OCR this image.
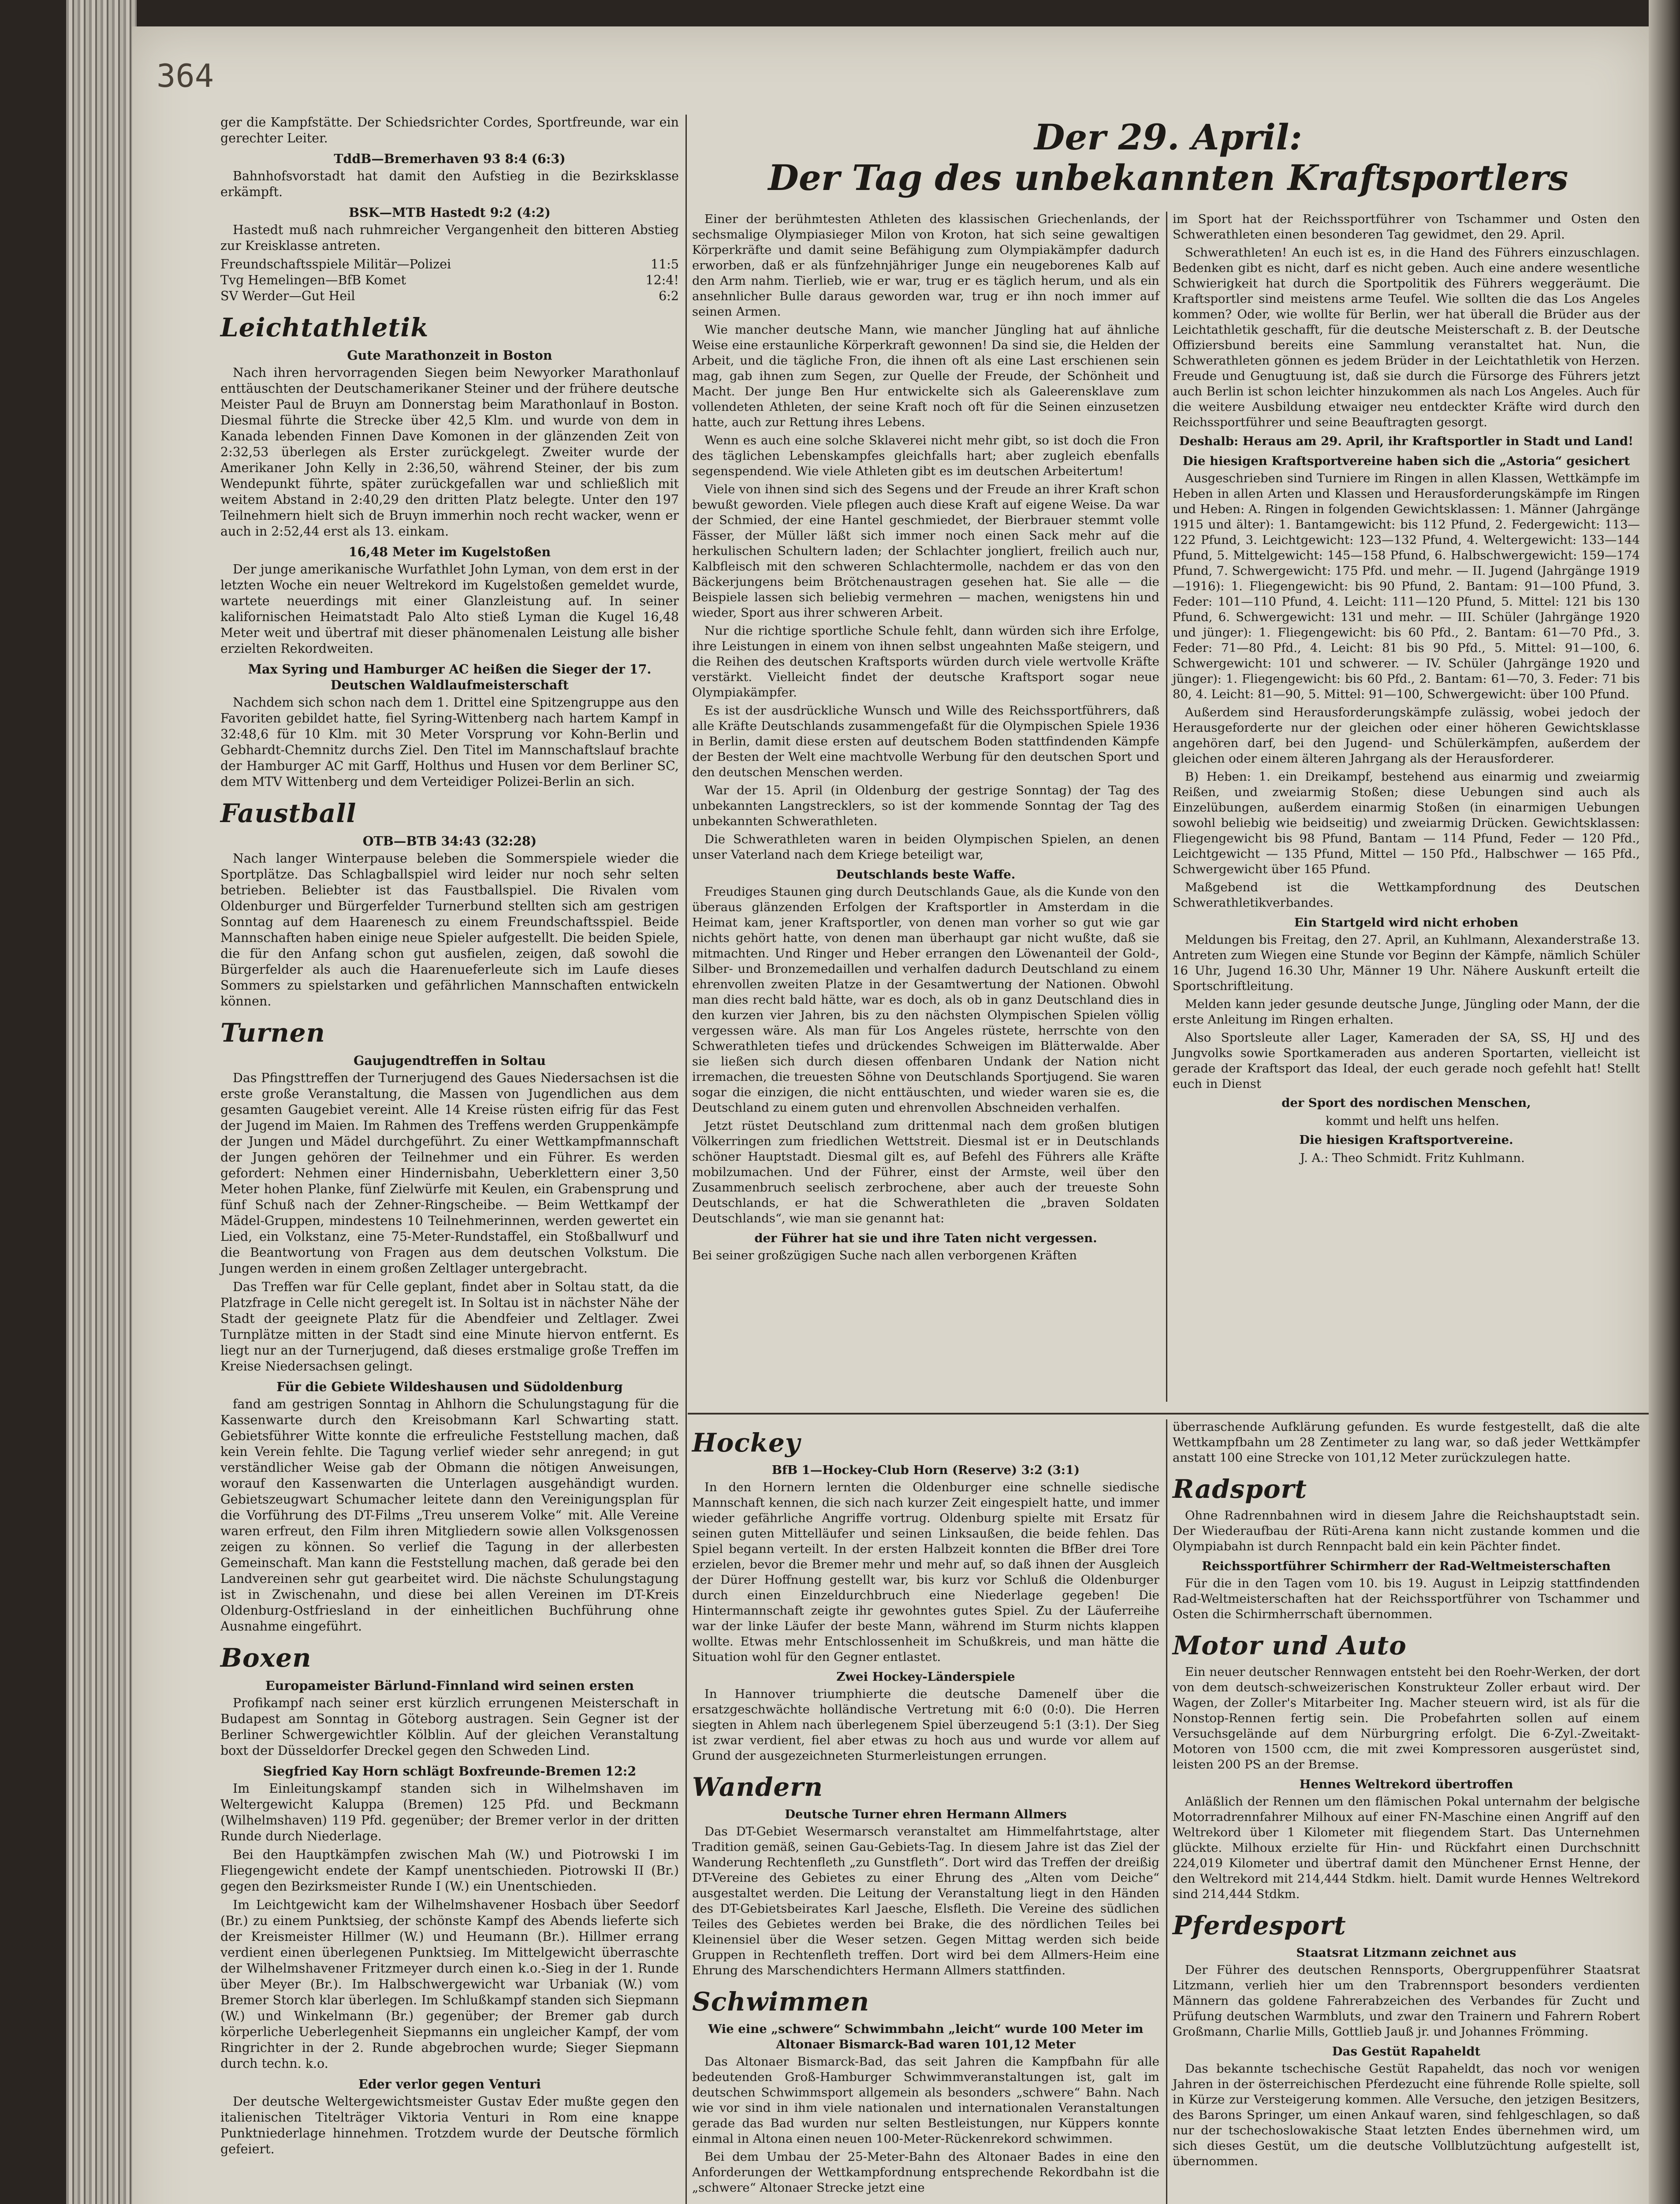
364

ger die Kampfstätte. Der Schiedsrichter Cordes, Sportfreunde, war ein gerechter Leiter.

TddB—Bremerhaven 93 8:4 (6:3)

Bahnhofsvorstadt hat damit den Aufstieg in die Bezirksklasse erkämpft.

BSK—MTB Hastedt 9:2 (4:2)

Hastedt muß nach ruhmreicher Vergangenheit den bitteren Abstieg zur Kreisklasse antreten.

Freundschaftsspiele Militär—Polizei	11:5
Tvg Hemelingen—BfB Komet	12:4!
SV Werder—Gut Heil	6:2
Leichtathletik

Gute Marathonzeit in Boston

Nach ihren hervorragenden Siegen beim Newyorker Marathonlauf enttäuschten der Deutschamerikaner Steiner und der frühere deutsche Meister Paul de Bruyn am Donnerstag beim Marathonlauf in Boston. Diesmal führte die Strecke über 42,5 Klm. und wurde von dem in Kanada lebenden Finnen Dave Komonen in der glänzenden Zeit von 2:32,53 überlegen als Erster zurückgelegt. Zweiter wurde der Amerikaner John Kelly in 2:36,50, während Steiner, der bis zum Wendepunkt führte, später zurückgefallen war und schließlich mit weitem Abstand in 2:40,29 den dritten Platz belegte. Unter den 197 Teilnehmern hielt sich de Bruyn immerhin noch recht wacker, wenn er auch in 2:52,44 erst als 13. einkam.

16,48 Meter im Kugelstoßen

Der junge amerikanische Wurfathlet John Lyman, von dem erst in der letzten Woche ein neuer Weltrekord im Kugelstoßen gemeldet wurde, wartete neuerdings mit einer Glanzleistung auf. In seiner kalifornischen Heimatstadt Palo Alto stieß Lyman die Kugel 16,48 Meter weit und übertraf mit dieser phänomenalen Leistung alle bisher erzielten Rekordweiten.

Max Syring und Hamburger AC heißen die Sieger der 17. Deutschen Waldlaufmeisterschaft

Nachdem sich schon nach dem 1. Drittel eine Spitzengruppe aus den Favoriten gebildet hatte, fiel Syring-Wittenberg nach hartem Kampf in 32:48,6 für 10 Klm. mit 30 Meter Vorsprung vor Kohn-Berlin und Gebhardt-Chemnitz durchs Ziel. Den Titel im Mannschaftslauf brachte der Hamburger AC mit Garff, Holthus und Husen vor dem Berliner SC, dem MTV Wittenberg und dem Verteidiger Polizei-Berlin an sich.

Faustball

OTB—BTB 34:43 (32:28)

Nach langer Winterpause beleben die Sommerspiele wieder die Sportplätze. Das Schlagballspiel wird leider nur noch sehr selten betrieben. Beliebter ist das Faustballspiel. Die Rivalen vom Oldenburger und Bürgerfelder Turnerbund stellten sich am gestrigen Sonntag auf dem Haarenesch zu einem Freundschaftsspiel. Beide Mannschaften haben einige neue Spieler aufgestellt. Die beiden Spiele, die für den Anfang schon gut ausfielen, zeigen, daß sowohl die Bürgerfelder als auch die Haarenueferleute sich im Laufe dieses Sommers zu spielstarken und gefährlichen Mannschaften entwickeln können.

Turnen

Gaujugendtreffen in Soltau

Das Pfingsttreffen der Turnerjugend des Gaues Niedersachsen ist die erste große Veranstaltung, die Massen von Jugendlichen aus dem gesamten Gaugebiet vereint. Alle 14 Kreise rüsten eifrig für das Fest der Jugend im Maien. Im Rahmen des Treffens werden Gruppenkämpfe der Jungen und Mädel durchgeführt. Zu einer Wettkampfmannschaft der Jungen gehören der Teilnehmer und ein Führer. Es werden gefordert: Nehmen einer Hindernisbahn, Ueberklettern einer 3,50 Meter hohen Planke, fünf Zielwürfe mit Keulen, ein Grabensprung und fünf Schuß nach der Zehner-Ringscheibe. — Beim Wettkampf der Mädel-Gruppen, mindestens 10 Teilnehmerinnen, werden gewertet ein Lied, ein Volkstanz, eine 75-Meter-Rundstaffel, ein Stoßballwurf und die Beantwortung von Fragen aus dem deutschen Volkstum. Die Jungen werden in einem großen Zeltlager untergebracht.

Das Treffen war für Celle geplant, findet aber in Soltau statt, da die Platzfrage in Celle nicht geregelt ist. In Soltau ist in nächster Nähe der Stadt der geeignete Platz für die Abendfeier und Zeltlager. Zwei Turnplätze mitten in der Stadt sind eine Minute hiervon entfernt. Es liegt nur an der Turnerjugend, daß dieses erstmalige große Treffen im Kreise Niedersachsen gelingt.

Für die Gebiete Wildeshausen und Südoldenburg

fand am gestrigen Sonntag in Ahlhorn die Schulungstagung für die Kassenwarte durch den Kreisobmann Karl Schwarting statt. Gebietsführer Witte konnte die erfreuliche Feststellung machen, daß kein Verein fehlte. Die Tagung verlief wieder sehr anregend; in gut verständlicher Weise gab der Obmann die nötigen Anweisungen, worauf den Kassenwarten die Unterlagen ausgehändigt wurden. Gebietszeugwart Schumacher leitete dann den Vereinigungsplan für die Vorführung des DT-Films „Treu unserem Volke“ mit. Alle Vereine waren erfreut, den Film ihren Mitgliedern sowie allen Volksgenossen zeigen zu können. So verlief die Tagung in der allerbesten Gemeinschaft. Man kann die Feststellung machen, daß gerade bei den Landvereinen sehr gut gearbeitet wird. Die nächste Schulungstagung ist in Zwischenahn, und diese bei allen Vereinen im DT-Kreis Oldenburg-Ostfriesland in der einheitlichen Buchführung ohne Ausnahme eingeführt.

Boxen

Europameister Bärlund-Finnland wird seinen ersten

Profikampf nach seiner erst kürzlich errungenen Meisterschaft in Budapest am Sonntag in Göteborg austragen. Sein Gegner ist der Berliner Schwergewichtler Kölblin. Auf der gleichen Veranstaltung boxt der Düsseldorfer Dreckel gegen den Schweden Lind.

Siegfried Kay Horn schlägt Boxfreunde-Bremen 12:2

Im Einleitungskampf standen sich in Wilhelmshaven im Weltergewicht Kaluppa (Bremen) 125 Pfd. und Beckmann (Wilhelmshaven) 119 Pfd. gegenüber; der Bremer verlor in der dritten Runde durch Niederlage.

Bei den Hauptkämpfen zwischen Mah (W.) und Piotrowski I im Fliegengewicht endete der Kampf unentschieden. Piotrowski II (Br.) gegen den Bezirksmeister Runde I (W.) ein Unentschieden.

Im Leichtgewicht kam der Wilhelmshavener Hosbach über Seedorf (Br.) zu einem Punktsieg, der schönste Kampf des Abends lieferte sich der Kreismeister Hillmer (W.) und Heumann (Br.). Hillmer errang verdient einen überlegenen Punktsieg. Im Mittelgewicht überraschte der Wilhelmshavener Fritzmeyer durch einen k.o.-Sieg in der 1. Runde über Meyer (Br.). Im Halbschwergewicht war Urbaniak (W.) vom Bremer Storch klar überlegen. Im Schlußkampf standen sich Siepmann (W.) und Winkelmann (Br.) gegenüber; der Bremer gab durch körperliche Ueberlegenheit Siepmanns ein ungleicher Kampf, der vom Ringrichter in der 2. Runde abgebrochen wurde; Sieger Siepmann durch techn. k.o.

Eder verlor gegen Venturi

Der deutsche Weltergewichtsmeister Gustav Eder mußte gegen den italienischen Titelträger Viktoria Venturi in Rom eine knappe Punktniederlage hinnehmen. Trotzdem wurde der Deutsche förmlich gefeiert.

Der 29. April:
Der Tag des unbekannten Kraftsportlers

Einer der berühmtesten Athleten des klassischen Griechenlands, der sechsmalige Olympiasieger Milon von Kroton, hat sich seine gewaltigen Körperkräfte und damit seine Befähigung zum Olympiakämpfer dadurch erworben, daß er als fünfzehnjähriger Junge ein neugeborenes Kalb auf den Arm nahm. Tierlieb, wie er war, trug er es täglich herum, und als ein ansehnlicher Bulle daraus geworden war, trug er ihn noch immer auf seinen Armen.

Wie mancher deutsche Mann, wie mancher Jüngling hat auf ähnliche Weise eine erstaunliche Körperkraft gewonnen! Da sind sie, die Helden der Arbeit, und die tägliche Fron, die ihnen oft als eine Last erschienen sein mag, gab ihnen zum Segen, zur Quelle der Freude, der Schönheit und Macht. Der junge Ben Hur entwickelte sich als Galeerensklave zum vollendeten Athleten, der seine Kraft noch oft für die Seinen einzusetzen hatte, auch zur Rettung ihres Lebens.

Wenn es auch eine solche Sklaverei nicht mehr gibt, so ist doch die Fron des täglichen Lebenskampfes gleichfalls hart; aber zugleich ebenfalls segenspendend. Wie viele Athleten gibt es im deutschen Arbeitertum!

Viele von ihnen sind sich des Segens und der Freude an ihrer Kraft schon bewußt geworden. Viele pflegen auch diese Kraft auf eigene Weise. Da war der Schmied, der eine Hantel geschmiedet, der Bierbrauer stemmt volle Fässer, der Müller läßt sich immer noch einen Sack mehr auf die herkulischen Schultern laden; der Schlachter jongliert, freilich auch nur, Kalbfleisch mit den schweren Schlachtermolle, nachdem er das von den Bäckerjungens beim Brötchenaustragen gesehen hat. Sie alle — die Beispiele lassen sich beliebig vermehren — machen, wenigstens hin und wieder, Sport aus ihrer schweren Arbeit.

Nur die richtige sportliche Schule fehlt, dann würden sich ihre Erfolge, ihre Leistungen in einem von ihnen selbst ungeahnten Maße steigern, und die Reihen des deutschen Kraftsports würden durch viele wertvolle Kräfte verstärkt. Vielleicht findet der deutsche Kraftsport sogar neue Olympiakämpfer.

Es ist der ausdrückliche Wunsch und Wille des Reichssportführers, daß alle Kräfte Deutschlands zusammengefaßt für die Olympischen Spiele 1936 in Berlin, damit diese ersten auf deutschem Boden stattfindenden Kämpfe der Besten der Welt eine machtvolle Werbung für den deutschen Sport und den deutschen Menschen werden.

War der 15. April (in Oldenburg der gestrige Sonntag) der Tag des unbekannten Langstrecklers, so ist der kommende Sonntag der Tag des unbekannten Schwerathleten.

Die Schwerathleten waren in beiden Olympischen Spielen, an denen unser Vaterland nach dem Kriege beteiligt war,

Deutschlands beste Waffe.

Freudiges Staunen ging durch Deutschlands Gaue, als die Kunde von den überaus glänzenden Erfolgen der Kraftsportler in Amsterdam in die Heimat kam, jener Kraftsportler, von denen man vorher so gut wie gar nichts gehört hatte, von denen man überhaupt gar nicht wußte, daß sie mitmachten. Und Ringer und Heber errangen den Löwenanteil der Gold-, Silber- und Bronzemedaillen und verhalfen dadurch Deutschland zu einem ehrenvollen zweiten Platze in der Gesamtwertung der Nationen. Obwohl man dies recht bald hätte, war es doch, als ob in ganz Deutschland dies in den kurzen vier Jahren, bis zu den nächsten Olympischen Spielen völlig vergessen wäre. Als man für Los Angeles rüstete, herrschte von den Schwerathleten tiefes und drückendes Schweigen im Blätterwalde. Aber sie ließen sich durch diesen offenbaren Undank der Nation nicht irremachen, die treuesten Söhne von Deutschlands Sportjugend. Sie waren sogar die einzigen, die nicht enttäuschten, und wieder waren sie es, die Deutschland zu einem guten und ehrenvollen Abschneiden verhalfen.

Jetzt rüstet Deutschland zum drittenmal nach dem großen blutigen Völkerringen zum friedlichen Wettstreit. Diesmal ist er in Deutschlands schöner Hauptstadt. Diesmal gilt es, auf Befehl des Führers alle Kräfte mobilzumachen. Und der Führer, einst der Armste, weil über den Zusammenbruch seelisch zerbrochene, aber auch der treueste Sohn Deutschlands, er hat die Schwerathleten die „braven Soldaten Deutschlands“, wie man sie genannt hat:

der Führer hat sie und ihre Taten nicht vergessen.

Bei seiner großzügigen Suche nach allen verborgenen Kräften

im Sport hat der Reichssportführer von Tschammer und Osten den Schwerathleten einen besonderen Tag gewidmet, den 29. April.

Schwerathleten! An euch ist es, in die Hand des Führers einzuschlagen. Bedenken gibt es nicht, darf es nicht geben. Auch eine andere wesentliche Schwierigkeit hat durch die Sportpolitik des Führers weggeräumt. Die Kraftsportler sind meistens arme Teufel. Wie sollten die das Los Angeles kommen? Oder, wie wollte für Berlin, wer hat überall die Brüder aus der Leichtathletik geschafft, für die deutsche Meisterschaft z. B. der Deutsche Offiziersbund bereits eine Sammlung veranstaltet hat. Nun, die Schwerathleten gönnen es jedem Brüder in der Leichtathletik von Herzen. Freude und Genugtuung ist, daß sie durch die Fürsorge des Führers jetzt auch Berlin ist schon leichter hinzukommen als nach Los Angeles. Auch für die weitere Ausbildung etwaiger neu entdeckter Kräfte wird durch den Reichssportführer und seine Beauftragten gesorgt.

Deshalb: Heraus am 29. April, ihr Kraftsportler in Stadt und Land!

Die hiesigen Kraftsportvereine haben sich die „Astoria“ gesichert

Ausgeschrieben sind Turniere im Ringen in allen Klassen, Wettkämpfe im Heben in allen Arten und Klassen und Herausforderungskämpfe im Ringen und Heben: A. Ringen in folgenden Gewichtsklassen: 1. Männer (Jahrgänge 1915 und älter): 1. Bantamgewicht: bis 112 Pfund, 2. Federgewicht: 113—122 Pfund, 3. Leichtgewicht: 123—132 Pfund, 4. Weltergewicht: 133—144 Pfund, 5. Mittelgewicht: 145—158 Pfund, 6. Halbschwergewicht: 159—174 Pfund, 7. Schwergewicht: 175 Pfd. und mehr. — II. Jugend (Jahrgänge 1919—1916): 1. Fliegengewicht: bis 90 Pfund, 2. Bantam: 91—100 Pfund, 3. Feder: 101—110 Pfund, 4. Leicht: 111—120 Pfund, 5. Mittel: 121 bis 130 Pfund, 6. Schwergewicht: 131 und mehr. — III. Schüler (Jahrgänge 1920 und jünger): 1. Fliegengewicht: bis 60 Pfd., 2. Bantam: 61—70 Pfd., 3. Feder: 71—80 Pfd., 4. Leicht: 81 bis 90 Pfd., 5. Mittel: 91—100, 6. Schwergewicht: 101 und schwerer. — IV. Schüler (Jahrgänge 1920 und jünger): 1. Fliegengewicht: bis 60 Pfd., 2. Bantam: 61—70, 3. Feder: 71 bis 80, 4. Leicht: 81—90, 5. Mittel: 91—100, Schwergewicht: über 100 Pfund.

Außerdem sind Herausforderungskämpfe zulässig, wobei jedoch der Herausgeforderte nur der gleichen oder einer höheren Gewichtsklasse angehören darf, bei den Jugend- und Schülerkämpfen, außerdem der gleichen oder einem älteren Jahrgang als der Herausforderer.

B) Heben: 1. ein Dreikampf, bestehend aus einarmig und zweiarmig Reißen, und zweiarmig Stoßen; diese Uebungen sind auch als Einzelübungen, außerdem einarmig Stoßen (in einarmigen Uebungen sowohl beliebig wie beidseitig) und zweiarmig Drücken. Gewichtsklassen: Fliegengewicht bis 98 Pfund, Bantam — 114 Pfund, Feder — 120 Pfd., Leichtgewicht — 135 Pfund, Mittel — 150 Pfd., Halbschwer — 165 Pfd., Schwergewicht über 165 Pfund.

Maßgebend ist die Wettkampfordnung des Deutschen Schwerathletikverbandes.

Ein Startgeld wird nicht erhoben

Meldungen bis Freitag, den 27. April, an Kuhlmann, Alexanderstraße 13. Antreten zum Wiegen eine Stunde vor Beginn der Kämpfe, nämlich Schüler 16 Uhr, Jugend 16.30 Uhr, Männer 19 Uhr. Nähere Auskunft erteilt die Sportschriftleitung.

Melden kann jeder gesunde deutsche Junge, Jüngling oder Mann, der die erste Anleitung im Ringen erhalten.

Also Sportsleute aller Lager, Kameraden der SA, SS, HJ und des Jungvolks sowie Sportkameraden aus anderen Sportarten, vielleicht ist gerade der Kraftsport das Ideal, der euch gerade noch gefehlt hat! Stellt euch in Dienst

der Sport des nordischen Menschen,

kommt und helft uns helfen.

Die hiesigen Kraftsportvereine.

J. A.: Theo Schmidt. Fritz Kuhlmann.

Hockey

BfB 1—Hockey-Club Horn (Reserve) 3:2 (3:1)

In den Hornern lernten die Oldenburger eine schnelle siedische Mannschaft kennen, die sich nach kurzer Zeit eingespielt hatte, und immer wieder gefährliche Angriffe vortrug. Oldenburg spielte mit Ersatz für seinen guten Mittelläufer und seinen Linksaußen, die beide fehlen. Das Spiel begann verteilt. In der ersten Halbzeit konnten die BfBer drei Tore erzielen, bevor die Bremer mehr und mehr auf, so daß ihnen der Ausgleich der Dürer Hoffnung gestellt war, bis kurz vor Schluß die Oldenburger durch einen Einzeldurchbruch eine Niederlage gegeben! Die Hintermannschaft zeigte ihr gewohntes gutes Spiel. Zu der Läuferreihe war der linke Läufer der beste Mann, während im Sturm nichts klappen wollte. Etwas mehr Entschlossenheit im Schußkreis, und man hätte die Situation wohl für den Gegner entlastet.

Zwei Hockey-Länderspiele

In Hannover triumphierte die deutsche Damenelf über die ersatzgeschwächte holländische Vertretung mit 6:0 (0:0). Die Herren siegten in Ahlem nach überlegenem Spiel überzeugend 5:1 (3:1). Der Sieg ist zwar verdient, fiel aber etwas zu hoch aus und wurde vor allem auf Grund der ausgezeichneten Sturmerleistungen errungen.

Wandern

Deutsche Turner ehren Hermann Allmers

Das DT-Gebiet Wesermarsch veranstaltet am Himmelfahrtstage, alter Tradition gemäß, seinen Gau-Gebiets-Tag. In diesem Jahre ist das Ziel der Wanderung Rechtenfleth „zu Gunstfleth“. Dort wird das Treffen der dreißig DT-Vereine des Gebietes zu einer Ehrung des „Alten vom Deiche“ ausgestaltet werden. Die Leitung der Veranstaltung liegt in den Händen des DT-Gebietsbeirates Karl Jaesche, Elsfleth. Die Vereine des südlichen Teiles des Gebietes werden bei Brake, die des nördlichen Teiles bei Kleinensiel über die Weser setzen. Gegen Mittag werden sich beide Gruppen in Rechtenfleth treffen. Dort wird bei dem Allmers-Heim eine Ehrung des Marschendichters Hermann Allmers stattfinden.

Schwimmen

Wie eine „schwere“ Schwimmbahn „leicht“ wurde 100 Meter im Altonaer Bismarck-Bad waren 101,12 Meter

Das Altonaer Bismarck-Bad, das seit Jahren die Kampfbahn für alle bedeutenden Groß-Hamburger Schwimmveranstaltungen ist, galt im deutschen Schwimmsport allgemein als besonders „schwere“ Bahn. Nach wie vor sind in ihm viele nationalen und internationalen Veranstaltungen gerade das Bad wurden nur selten Bestleistungen, nur Küppers konnte einmal in Altona einen neuen 100-Meter-Rückenrekord schwimmen.

Bei dem Umbau der 25-Meter-Bahn des Altonaer Bades in eine den Anforderungen der Wettkampfordnung entsprechende Rekordbahn ist die „schwere“ Altonaer Strecke jetzt eine

überraschende Aufklärung gefunden. Es wurde festgestellt, daß die alte Wettkampfbahn um 28 Zentimeter zu lang war, so daß jeder Wettkämpfer anstatt 100 eine Strecke von 101,12 Meter zurückzulegen hatte.

Radsport

Ohne Radrennbahnen wird in diesem Jahre die Reichshauptstadt sein. Der Wiederaufbau der Rüti-Arena kann nicht zustande kommen und die Olympiabahn ist durch Rennpacht bald ein kein Pächter findet.

Reichssportführer Schirmherr der Rad-Weltmeisterschaften

Für die in den Tagen vom 10. bis 19. August in Leipzig stattfindenden Rad-Weltmeisterschaften hat der Reichssportführer von Tschammer und Osten die Schirmherrschaft übernommen.

Motor und Auto

Ein neuer deutscher Rennwagen entsteht bei den Roehr-Werken, der dort von dem deutsch-schweizerischen Konstrukteur Zoller erbaut wird. Der Wagen, der Zoller's Mitarbeiter Ing. Macher steuern wird, ist als für die Nonstop-Rennen fertig sein. Die Probefahrten sollen auf einem Versuchsgelände auf dem Nürburgring erfolgt. Die 6-Zyl.-Zweitakt-Motoren von 1500 ccm, die mit zwei Kompressoren ausgerüstet sind, leisten 200 PS an der Bremse.

Hennes Weltrekord übertroffen

Anläßlich der Rennen um den flämischen Pokal unternahm der belgische Motorradrennfahrer Milhoux auf einer FN-Maschine einen Angriff auf den Weltrekord über 1 Kilometer mit fliegendem Start. Das Unternehmen glückte. Milhoux erzielte für Hin- und Rückfahrt einen Durchschnitt 224,019 Kilometer und übertraf damit den Münchener Ernst Henne, der den Weltrekord mit 214,444 Stdkm. hielt. Damit wurde Hennes Weltrekord sind 214,444 Stdkm.

Pferdesport

Staatsrat Litzmann zeichnet aus

Der Führer des deutschen Rennsports, Obergruppenführer Staatsrat Litzmann, verlieh hier um den Trabrennsport besonders verdienten Männern das goldene Fahrerabzeichen des Verbandes für Zucht und Prüfung deutschen Warmbluts, und zwar den Trainern und Fahrern Robert Großmann, Charlie Mills, Gottlieb Jauß jr. und Johannes Frömming.

Das Gestüt Rapaheldt

Das bekannte tschechische Gestüt Rapaheldt, das noch vor wenigen Jahren in der österreichischen Pferdezucht eine führende Rolle spielte, soll in Kürze zur Versteigerung kommen. Alle Versuche, den jetzigen Besitzers, des Barons Springer, um einen Ankauf waren, sind fehlgeschlagen, so daß nur der tschechoslowakische Staat letzten Endes übernehmen wird, um sich dieses Gestüt, um die deutsche Vollblutzüchtung aufgestellt ist, übernommen.
